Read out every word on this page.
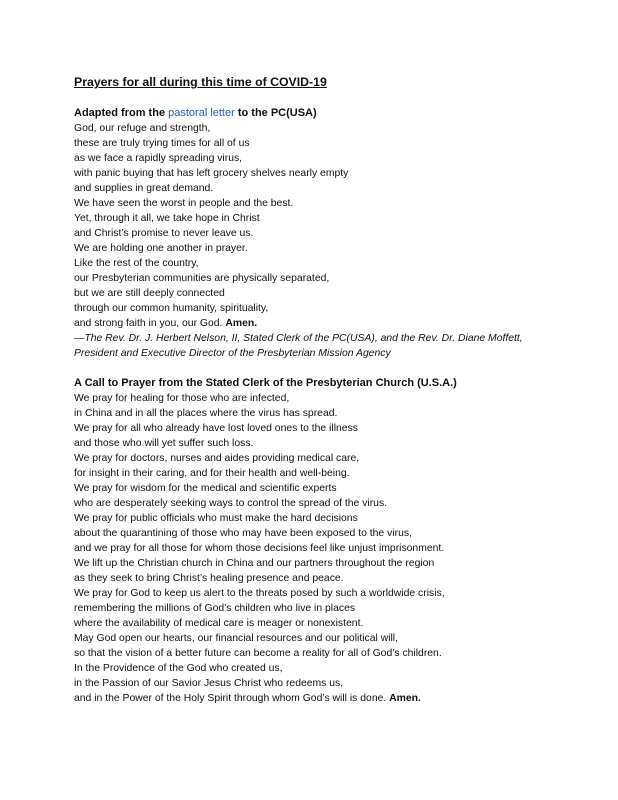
Prayers for all during this time of COVID-19

Adapted from the pastoral letter to the PC(USA)

God, our refuge and strength,

these are truly trying times for all of us

as we face a rapidly spreading virus,

with panic buying that has left grocery shelves nearly empty

and supplies in great demand.

We have seen the worst in people and the best.

Yet, through it all, we take hope in Christ

and Christ’s promise to never leave us.

We are holding one another in prayer.

Like the rest of the country,

our Presbyterian communities are physically separated,

but we are still deeply connected

through our common humanity, spirituality,

and strong faith in you, our God. Amen.

—The Rev. Dr. J. Herbert Nelson, II, Stated Clerk of the PC(USA), and the Rev. Dr. Diane Moffett,

President and Executive Director of the Presbyterian Mission Agency

A Call to Prayer from the Stated Clerk of the Presbyterian Church (U.S.A.)

We pray for healing for those who are infected,

in China and in all the places where the virus has spread.

We pray for all who already have lost loved ones to the illness

and those who will yet suffer such loss.

We pray for doctors, nurses and aides providing medical care,

for insight in their caring, and for their health and well-being.

We pray for wisdom for the medical and scientific experts

who are desperately seeking ways to control the spread of the virus.

We pray for public officials who must make the hard decisions

about the quarantining of those who may have been exposed to the virus,

and we pray for all those for whom those decisions feel like unjust imprisonment.

We lift up the Christian church in China and our partners throughout the region

as they seek to bring Christ’s healing presence and peace.

We pray for God to keep us alert to the threats posed by such a worldwide crisis,

remembering the millions of God’s children who live in places

where the availability of medical care is meager or nonexistent.

May God open our hearts, our financial resources and our political will,

so that the vision of a better future can become a reality for all of God’s children.

In the Providence of the God who created us,

in the Passion of our Savior Jesus Christ who redeems us,

and in the Power of the Holy Spirit through whom God’s will is done. Amen.
